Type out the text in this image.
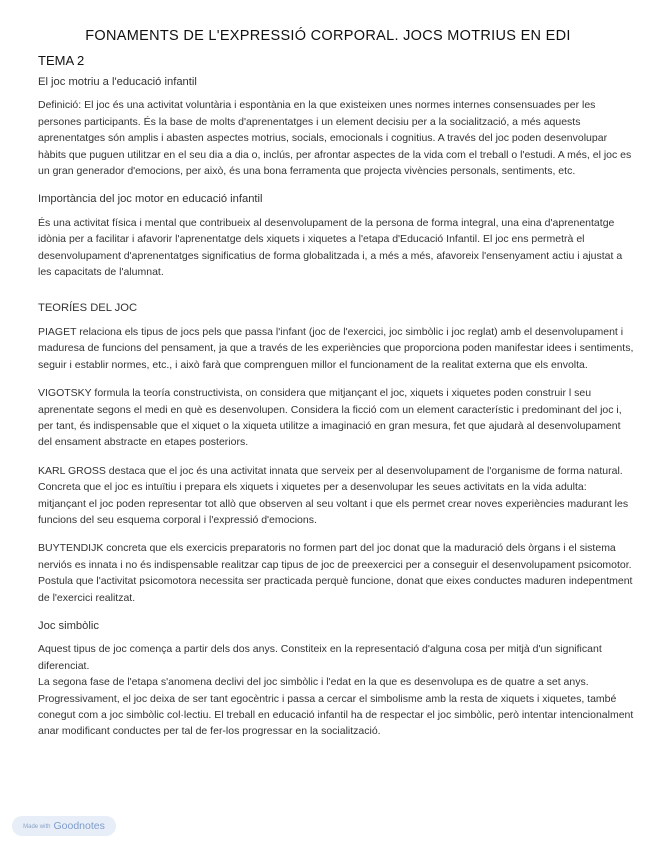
FONAMENTS DE L'EXPRESSIÓ CORPORAL. JOCS MOTRIUS EN EDI
TEMA 2

El joc motriu a l'educació infantil

Definició: El joc és una activitat voluntària i espontània en la que existeixen unes normes internes consensuades per les persones participants. És la base de molts d'aprenentatges i un element decisiu per a la socialització, a més aquests aprenentatges són amplis i abasten aspectes motrius, socials, emocionals i cognitius. A través del joc poden desenvolupar hàbits que puguen utilitzar en el seu dia a dia o, inclús, per afrontar aspectes de la vida com el treball o l'estudi. A més, el joc es un gran generador d'emocions, per això, és una bona ferramenta que projecta vivències personals, sentiments, etc.

Importància del joc motor en educació infantil

És una activitat física i mental que contribueix al desenvolupament de la persona de forma integral, una eina d'aprenentatge idònia per a facilitar i afavorir l'aprenentatge dels xiquets i xiquetes a l'etapa d'Educació Infantil. El joc ens permetrà el desenvolupament d'aprenentatges significatius de forma globalitzada i, a més a més, afavoreix l'ensenyament actiu i ajustat a les capacitats de l'alumnat.

TEORÍES DEL JOC

PIAGET relaciona els tipus de jocs pels que passa l'infant (joc de l'exercici, joc simbòlic i joc reglat) amb el desenvolupament i maduresa de funcions del pensament, ja que a través de les experiències que proporciona poden manifestar idees i sentiments, seguir i establir normes, etc., i això farà que comprenguen millor el funcionament de la realitat externa que els envolta.

VIGOTSKY formula la teoría constructivista, on considera que mitjançant el joc, xiquets i xiquetes poden construir l seu aprenentate segons el medi en què es desenvolupen. Considera la ficció com un element característic i predominant del joc i, per tant, és indispensable que el xiquet o la xiqueta utilitze a imaginació en gran mesura, fet que ajudarà al desenvolupament del ensament abstracte en etapes posteriors.

KARL GROSS destaca que el joc és una activitat innata que serveix per al desenvolupament de l'organisme de forma natural. Concreta que el joc es intuïtiu i prepara els xiquets i xiquetes per a desenvolupar les seues activitats en la vida adulta: mitjançant el joc poden representar tot allò que observen al seu voltant i que els permet crear noves experiències madurant les funcions del seu esquema corporal i l'expressió d'emocions.

BUYTENDIJK concreta que els exercicis preparatoris no formen part del joc donat que la maduració dels òrgans i el sistema nerviós es innata i no és indispensable realitzar cap tipus de joc de preexercici per a conseguir el desenvolupament psicomotor. Postula que l'activitat psicomotora necessita ser practicada perquè funcione, donat que eixes conductes maduren indepentment de l'exercici realitzat.

Joc simbòlic

Aquest tipus de joc comença a partir dels dos anys. Constiteix en la representació d'alguna cosa per mitjà d'un significant diferenciat.

La segona fase de l'etapa s'anomena declivi del joc simbòlic i l'edat en la que es desenvolupa es de quatre a set anys. Progressivament, el joc deixa de ser tant egocèntric i passa a cercar el simbolisme amb la resta de xiquets i xiquetes, també conegut com a joc simbòlic col·lectiu. El treball en educació infantil ha de respectar el joc simbòlic, però intentar intencionalment anar modificant conductes per tal de fer-los progressar en la socialització.

Made with Goodnotes
